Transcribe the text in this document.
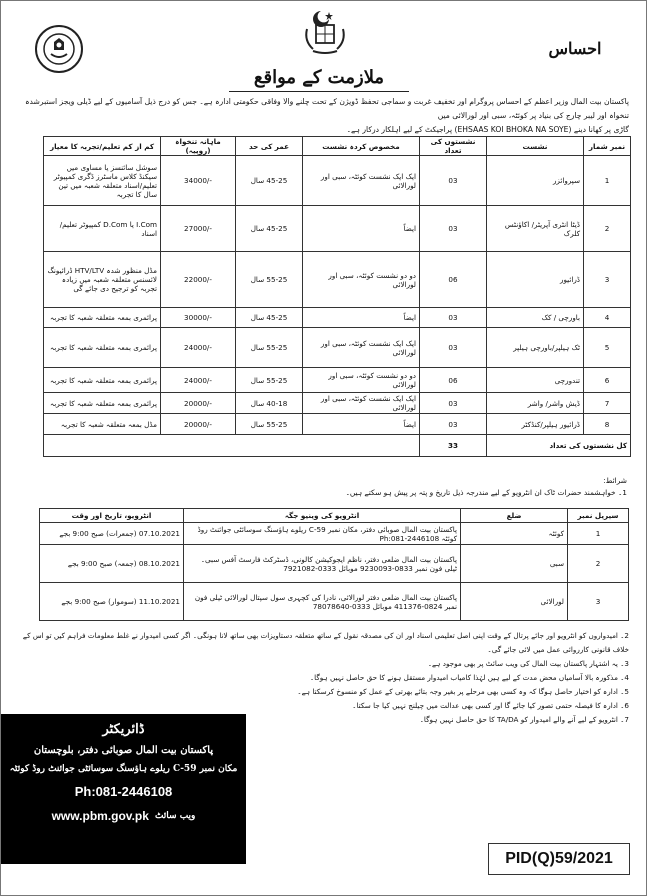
احساس
ملازمت کے مواقع
پاکستان بیت المال وزیر اعظم کے احساس پروگرام اور تخفیف غربت و سماجی تحفظ ڈویژن کے تحت چلنے والا وفاقی حکومتی ادارہ ہے۔ جس کو درج ذیل آسامیوں کے لیے ڈیلی ویجز استبرشدہ تنخواہ اور لیبر چارج کی بنیاد پر کوئٹہ، سبی اور لورالائی میں
گاڑی پر کھانا دینے (EHSAAS KOI BHOKA NA SOYE) پراجیکٹ کے لیے اہلکار درکار ہے۔
نمبر شمار	نشست	نشستوں کی تعداد	مخصوص کردہ نشست	عمر کی حد	ماہانہ تنخواہ (روپیہ)	کم از کم تعلیم/تجربہ کا معیار
1	سپروائزر	03	ایک ایک نشست کوئٹہ، سبی اور لورالائی	45-25 سال	34000/-	سوشل سائنسز یا مساوی میں سیکنڈ کلاس ماسٹرز ڈگری کمپیوٹر تعلیم/اسناد متعلقہ شعبہ میں تین سال کا تجربہ
2	ڈیٹا انٹری آپریٹر/ اکاؤنٹس کلرک	03	ایضاً	45-25 سال	27000/-	I.Com یا D.Com کمپیوٹر تعلیم/اسناد
3	ڈرائیور	06	دو دو نشست کوئٹہ، سبی اور لورالائی	55-25 سال	22000/-	مڈل منظور شدہ HTV/LTV ڈرائیونگ لائسنس متعلقہ شعبہ میں زیادہ تجربہ کو ترجیح دی جائے گی
4	باورچی / کک	03	ایضاً	45-25 سال	30000/-	پرائمری بمعہ متعلقہ شعبہ کا تجربہ
5	ٹک ہیلپر/باورچی ہیلپر	03	ایک ایک نشست کوئٹہ، سبی اور لورالائی	55-25 سال	24000/-	پرائمری بمعہ متعلقہ شعبہ کا تجربہ
6	تندورچی	06	دو دو نشست کوئٹہ، سبی اور لورالائی	55-25 سال	24000/-	پرائمری بمعہ متعلقہ شعبہ کا تجربہ
7	ڈیش واشر/ واشر	03	ایک ایک نشست کوئٹہ، سبی اور لورالائی	40-18 سال	20000/-	پرائمری بمعہ متعلقہ شعبہ کا تجربہ
8	ڈرائیور ہیلپر/کنڈکٹر	03	ایضاً	55-25 سال	20000/-	مڈل بمعہ متعلقہ شعبہ کا تجربہ
کل نشستوں کی تعداد		33				
شرائط:
1۔ خواہشمند حضرات ٹاک ان انٹرویو کے لیے مندرجہ ذیل تاریخ و پتہ پر پیش ہو سکتے ہیں۔
سیریل نمبر	ضلع	انٹرویو کی وینیو جگہ	انٹرویو، تاریخ اور وقت
1	کوئٹہ	پاکستان بیت المال صوبائی دفتر، مکان نمبر 59-C ریلوے ہاؤسنگ سوسائٹی جوائنٹ روڈ کوئٹہ Ph:081-2446108	07.10.2021 (جمعرات) صبح 9:00 بجے
2	سبی	پاکستان بیت المال ضلعی دفتر، ناظم ایجوکیشن کالونی، ڈسٹرکٹ فارسٹ آفس سبی۔ ٹیلی فون نمبر 0833-9230093 موبائل 0333-7921082	08.10.2021 (جمعہ) صبح 9:00 بجے
3	لورالائی	پاکستان بیت المال ضلعی دفتر لورالائی، نادرا کی کچہری سول سپتال لورالائی ٹیلی فون نمبر 0824-411376 موبائل 0333-78078640	11.10.2021 (سوموار) صبح 9:00 بجے

2۔ امیدواروں کو انٹرویو اور جائے پرتال کے وقت اپنی اصل تعلیمی اسناد اور ان کی مصدقہ نقول کے ساتھ متعلقہ دستاویزات بھی ساتھ لانا ہونگی۔ اگر کسی امیدوار نے غلط معلومات فراہم کیں تو اس کے خلاف قانونی کارروائی عمل میں لائی جائے گی۔

3۔ یہ اشتہار پاکستان بیت المال کی ویب سائٹ پر بھی موجود ہے۔

4۔ مذکورہ بالا آسامیاں محض مدت کے لیے ہیں لہٰذا کامیاب امیدوار مستقل ہونے کا حق حاصل نہیں ہوگا۔

5۔ ادارہ کو اختیار حاصل ہوگا کہ وہ کسی بھی مرحلے پر بغیر وجہ بتائے بھرتی کے عمل کو منسوخ کرسکتا ہے۔

6۔ ادارہ کا فیصلہ حتمی تصور کیا جائے گا اور کسی بھی عدالت میں چیلنج نہیں کیا جا سکتا۔

7۔ انٹرویو کے لیے آنے والے امیدوار کو TA/DA کا حق حاصل نہیں ہوگا۔

ڈائریکٹر
پاکستان بیت المال صوبائی دفتر، بلوچستان
مکان نمبر C-59 ریلوے ہاؤسنگ سوسائٹی جوائنٹ روڈ کوئٹہ
Ph:081-2446108
www.pbm.gov.pk ویب سائٹ
PID(Q)59/2021
